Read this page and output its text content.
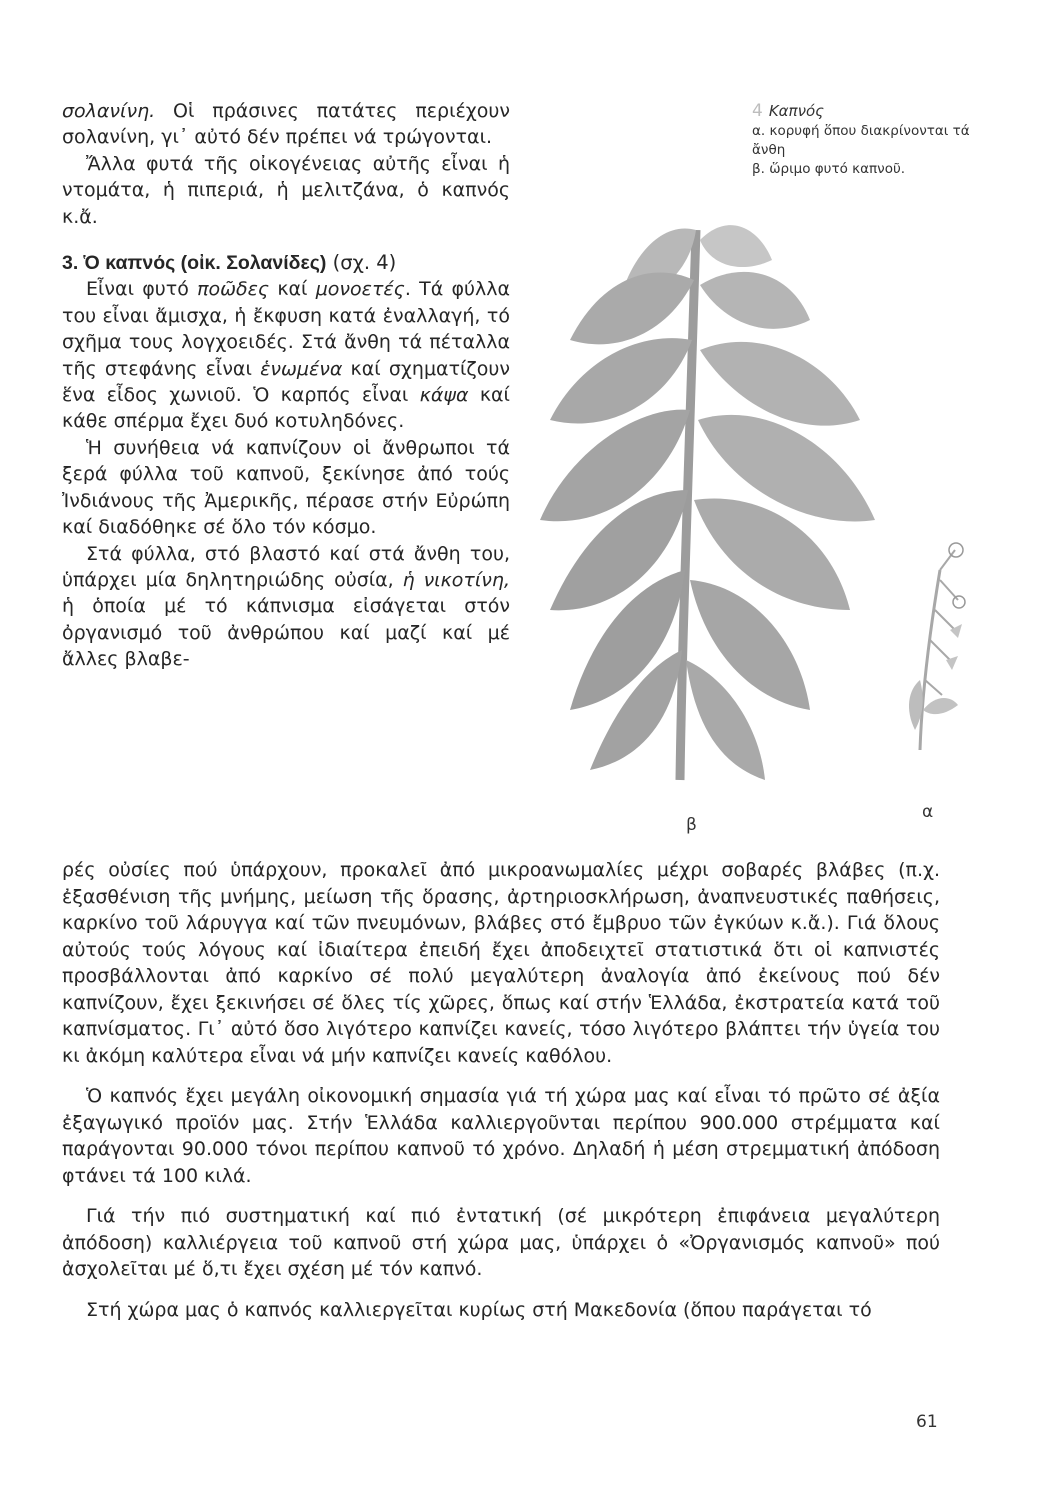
σολανίνη. Οἱ πράσινες πατάτες περιέχουν σολανίνη, γι᾽ αὐτό δέν πρέπει νά τρώγονται.

Ἄλλα φυτά τῆς οἰκογένειας αὐτῆς εἶναι ἡ ντομάτα, ἡ πιπεριά, ἡ μελιτζάνα, ὁ καπνός κ.ἄ.

3. Ὁ καπνός (οἰκ. Σολανίδες) (σχ. 4)

Εἶναι φυτό ποῶδες καί μονοετές. Τά φύλλα του εἶναι ἄμισχα, ἡ ἔκφυση κατά ἐναλλαγή, τό σχῆμα τους λογχοειδές. Στά ἄνθη τά πέταλλα τῆς στεφάνης εἶναι ἑνωμένα καί σχηματίζουν ἕνα εἶδος χωνιοῦ. Ὁ καρπός εἶναι κάψα καί κάθε σπέρμα ἔχει δυό κοτυληδόνες.

Ἡ συνήθεια νά καπνίζουν οἱ ἄνθρωποι τά ξερά φύλλα τοῦ καπνοῦ, ξεκίνησε ἀπό τούς Ἰνδιάνους τῆς Ἀμερικῆς, πέρασε στήν Εὐρώπη καί διαδόθηκε σέ ὅλο τόν κόσμο.

Στά φύλλα, στό βλαστό καί στά ἄνθη του, ὑπάρχει μία δηλητηριώδης οὐσία, ἡ νικοτίνη, ἡ ὁποία μέ τό κάπνισμα εἰσάγεται στόν ὀργανισμό τοῦ ἀνθρώπου καί μαζί καί μέ ἄλλες βλαβε-

4 Καπνός
α. κορυφή ὅπου διακρίνονται τά ἄνθη
β. ὥριμο φυτό καπνοῦ.
β
α

ρές οὐσίες πού ὑπάρχουν, προκαλεῖ ἀπό μικροανωμαλίες μέχρι σοβαρές βλάβες (π.χ. ἐξασθένιση τῆς μνήμης, μείωση τῆς ὅρασης, ἀρτηριοσκλήρωση, ἀναπνευστικές παθήσεις, καρκίνο τοῦ λάρυγγα καί τῶν πνευμόνων, βλάβες στό ἔμβρυο τῶν ἐγκύων κ.ἄ.). Γιά ὅλους αὐτούς τούς λόγους καί ἰδιαίτερα ἐπειδή ἔχει ἀποδειχτεῖ στατιστικά ὅτι οἱ καπνιστές προσβάλλονται ἀπό καρκίνο σέ πολύ μεγαλύτερη ἀναλογία ἀπό ἐκείνους πού δέν καπνίζουν, ἔχει ξεκινήσει σέ ὅλες τίς χῶρες, ὅπως καί στήν Ἑλλάδα, ἐκστρατεία κατά τοῦ καπνίσματος. Γι᾽ αὐτό ὅσο λιγότερο καπνίζει κανείς, τόσο λιγότερο βλάπτει τήν ὑγεία του κι ἀκόμη καλύτερα εἶναι νά μήν καπνίζει κανείς καθόλου.

Ὁ καπνός ἔχει μεγάλη οἰκονομική σημασία γιά τή χώρα μας καί εἶναι τό πρῶτο σέ ἀξία ἐξαγωγικό προϊόν μας. Στήν Ἑλλάδα καλλιεργοῦνται περίπου 900.000 στρέμματα καί παράγονται 90.000 τόνοι περίπου καπνοῦ τό χρόνο. Δηλαδή ἡ μέση στρεμματική ἀπόδοση φτάνει τά 100 κιλά.

Γιά τήν πιό συστηματική καί πιό ἐντατική (σέ μικρότερη ἐπιφάνεια μεγαλύτερη ἀπόδοση) καλλιέργεια τοῦ καπνοῦ στή χώρα μας, ὑπάρχει ὁ «Ὀργανισμός καπνοῦ» πού ἀσχολεῖται μέ ὅ,τι ἔχει σχέση μέ τόν καπνό.

Στή χώρα μας ὁ καπνός καλλιεργεῖται κυρίως στή Μακεδονία (ὅπου παράγεται τό

61
